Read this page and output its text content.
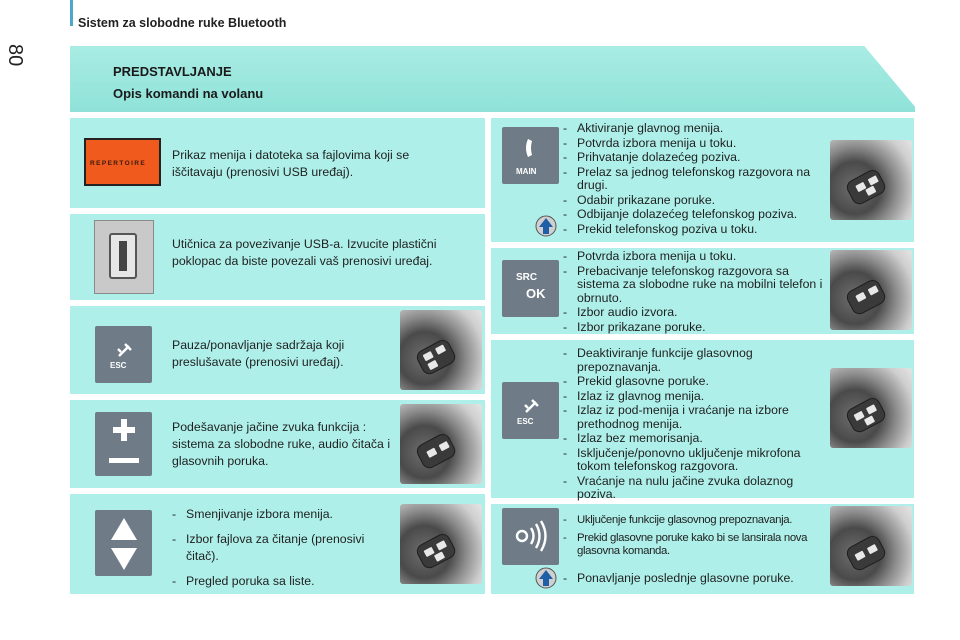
80
Sistem za slobodne ruke Bluetooth
PREDSTAVLJANJE
Opis komandi na volanu
REPERTOIRE
Prikaz menija i datoteka sa fajlovima koji se iščitavaju (prenosivi USB uređaj).
Utičnica za povezivanje USB-a. Izvucite plastični poklopac da biste povezali vaš prenosivi uređaj.
ESC
Pauza/ponavljanje sadržaja koji preslušavate (prenosivi uređaj).
Podešavanje jačine zvuka funkcija : sistema za slobodne ruke, audio čitača i glasovnih poruka.
- Smenjivanje izbora menija.
- Izbor fajlova za čitanje (prenosivi čitač).
- Pregled poruka sa liste.
MAIN
- Aktiviranje glavnog menija.
- Potvrda izbora menija u toku.
- Prihvatanje dolazećeg poziva.
- Prelaz sa jednog telefonskog razgovora na drugi.
- Odabir prikazane poruke.
- Odbijanje dolazećeg telefonskog poziva.
- Prekid telefonskog poziva u toku.
SRC
OK
- Potvrda izbora menija u toku.
- Prebacivanje telefonskog razgovora sa sistema za slobodne ruke na mobilni telefon i obrnuto.
- Izbor audio izvora.
- Izbor prikazane poruke.
ESC
- Deaktiviranje funkcije glasovnog prepoznavanja.
- Prekid glasovne poruke.
- Izlaz iz glavnog menija.
- Izlaz iz pod-menija i vraćanje na izbore prethodnog menija.
- Izlaz bez memorisanja.
- Isključenje/ponovno uključenje mikrofona tokom telefonskog razgovora.
- Vraćanje na nulu jačine zvuka dolaznog poziva.
- Uključenje funkcije glasovnog prepoznavanja.
- Prekid glasovne poruke kako bi se lansirala nova glasovna komanda.
- Ponavljanje poslednje glasovne poruke.
